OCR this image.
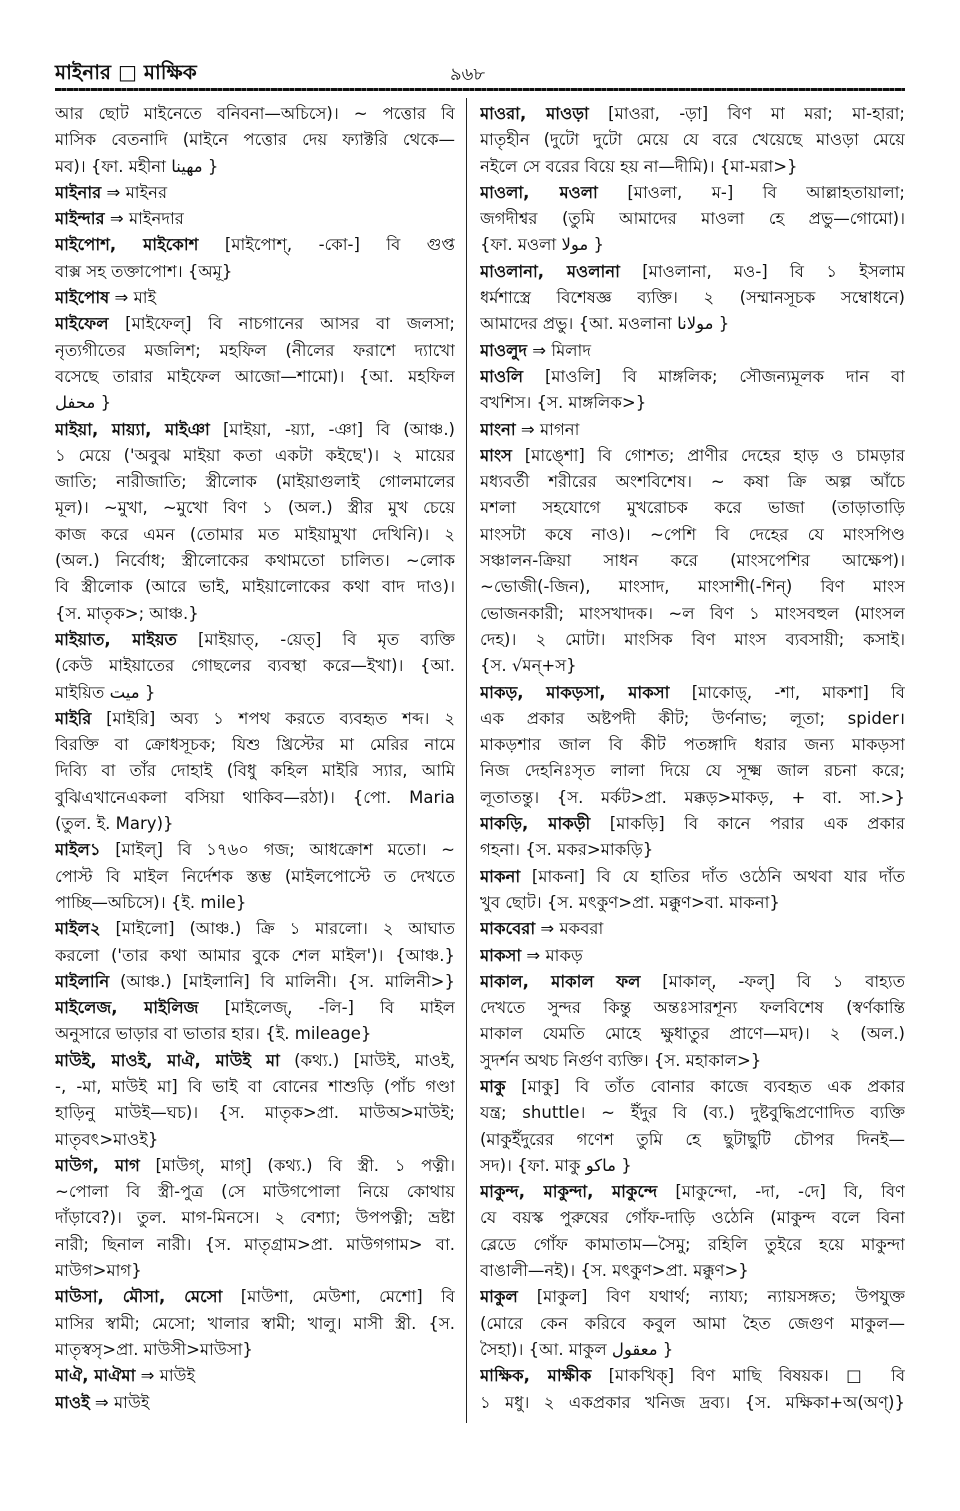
মাইনার □ মাক্ষিক	৯৬৮
আর ছোট মাইনেতে বনিবনা—অচিসে)। ~ পত্তোর বি
মাসিক বেতনাদি (মাইনে পত্তোর দেয় ফ্যাক্টরি থেকে—
মব)। {ফা. মহীনা مهينا }
মাইনার ⇒ মাইনর
মাইন্দার ⇒ মাইনদার
মাইপোশ, মাইকোশ [মাইপোশ্, -কো-] বি গুপ্ত
বাক্স সহ তক্তাপোশ। {অমূ}
মাইপোষ ⇒ মাই
মাইফেল [মাইফেল্] বি নাচগানের আসর বা জলসা;
নৃত্যগীতের মজলিশ; মহফিল (নীলের ফরাশে দ্যাখো
বসেছে তারার মাইফেল আজো—শামো)। {আ. মহফিল
محفل }
মাইয়া, মায়্যা, মাইঞা [মাইয়া, -য়্যা, -ঞা] বি (আঞ্চ.)
১ মেয়ে ('অবুঝ মাইয়া কতা একটা কইছে')। ২ মায়ের
জাতি; নারীজাতি; স্ত্রীলোক (মাইয়াগুলাই গোলমালের
মূল)। ~মুখা, ~মুখো বিণ ১ (অল.) স্ত্রীর মুখ চেয়ে
কাজ করে এমন (তোমার মত মাইয়ামুখা দেখিনি)। ২
(অল.) নির্বোধ; স্ত্রীলোকের কথামতো চালিত। ~লোক
বি স্ত্রীলোক (আরে ভাই, মাইয়ালোকের কথা বাদ দাও)।
{স. মাতৃক>; আঞ্চ.}
মাইয়াত, মাইয়ত [মাইয়াত্, -য়েত্] বি মৃত ব্যক্তি
(কেউ মাইয়াতের গোছলের ব্যবস্থা করে—ইখা)। {আ.
মাইয়িত ميت }
মাইরি [মাইরি] অব্য ১ শপথ করতে ব্যবহৃত শব্দ। ২
বিরক্তি বা ক্রোধসূচক; যিশু খ্রিস্টের মা মেরির নামে
দিব্যি বা তাঁর দোহাই (বিধু কহিল মাইরি স্যার, আমি
বুঝিএখানেএকলা বসিয়া থাকিব—রঠা)। {পো. Maria
(তুল. ই. Mary)}
মাইল১ [মাইল্] বি ১৭৬০ গজ; আধক্রোশ মতো। ~
পোস্ট বি মাইল নির্দেশক স্তম্ভ (মাইলপোস্টে ত দেখতে
পাচ্ছি—অচিসে)। {ই. mile}
মাইল২ [মাইলো] (আঞ্চ.) ক্রি ১ মারলো। ২ আঘাত
করলো ('তার কথা আমার বুকে শেল মাইল')। {আঞ্চ.}
মাইলানি (আঞ্চ.) [মাইলানি] বি মালিনী। {স. মালিনী>}
মাইলেজ, মাইলিজ [মাইলেজ্, -লি-] বি মাইল
অনুসারে ভাড়ার বা ভাতার হার। {ই. mileage}
মাউই, মাওই, মাঐ, মাউই মা (কথ্য.) [মাউই, মাওই,
-, -মা, মাউই মা] বি ভাই বা বোনের শাশুড়ি (পাঁচ গণ্ডা
হাড়িনু মাউই—ঘচ)। {স. মাতৃক>প্রা. মাউঅ>মাউই;
মাতৃবৎ>মাওই}
মাউগ, মাগ [মাউগ্, মাগ্] (কথ্য.) বি স্ত্রী. ১ পত্নী।
~পোলা বি স্ত্রী-পুত্র (সে মাউগপোলা নিয়ে কোথায়
দাঁড়াবে?)। তুল. মাগ-মিনসে। ২ বেশ্যা; উপপত্নী; ভ্রষ্টা
নারী; ছিনাল নারী। {স. মাতৃগ্রাম>প্রা. মাউগগাম> বা.
মাউগ>মাগ}
মাউসা, মৌসা, মেসো [মাউশা, মেউশা, মেশো] বি
মাসির স্বামী; মেসো; খালার স্বামী; খালু। মাসী স্ত্রী. {স.
মাতৃস্বসৃ>প্রা. মাউসী>মাউসা}
মাঐ, মাঐমা ⇒ মাউই
মাওই ⇒ মাউই
মাওরা, মাওড়া [মাওরা, -ড়া] বিণ মা মরা; মা-হারা;
মাতৃহীন (দুটো দুটো মেয়ে যে বরে খেয়েছে মাওড়া মেয়ে
নইলে সে বরের বিয়ে হয় না—দীমি)। {মা-মরা>}
মাওলা, মওলা [মাওলা, ম-] বি আল্লাহতায়ালা;
জগদীশ্বর (তুমি আমাদের মাওলা হে প্রভু—গোমো)।
{ফা. মওলা مولا }
মাওলানা, মওলানা [মাওলানা, মও-] বি ১ ইসলাম
ধর্মশাস্ত্রে বিশেষজ্ঞ ব্যক্তি। ২ (সম্মানসূচক সম্বোধনে)
আমাদের প্রভু। {আ. মওলানা مولانا }
মাওলুদ ⇒ মিলাদ
মাওলি [মাওলি] বি মাঙ্গলিক; সৌজন্যমূলক দান বা
বখশিস। {স. মাঙ্গলিক>}
মাংনা ⇒ মাগনা
মাংস [মাঙ্শো] বি গোশত; প্রাণীর দেহের হাড় ও চামড়ার
মধ্যবর্তী শরীরের অংশবিশেষ। ~ কষা ক্রি অল্প আঁচে
মশলা সহযোগে মুখরোচক করে ভাজা (তাড়াতাড়ি
মাংসটা কষে নাও)। ~পেশি বি দেহের যে মাংসপিণ্ড
সঞ্চালন-ক্রিয়া সাধন করে (মাংসপেশির আক্ষেপ)।
~ভোজী(-জিন), মাংসাদ, মাংসাশী(-শিন্) বিণ মাংস
ভোজনকারী; মাংসখাদক। ~ল বিণ ১ মাংসবহুল (মাংসল
দেহ)। ২ মোটা। মাংসিক বিণ মাংস ব্যবসায়ী; কসাই।
{স. √মন্+স}
মাকড়, মাকড়সা, মাকসা [মাকোড়্, -শা, মাকশা] বি
এক প্রকার অষ্টপদী কীট; উর্ণনাভ; লূতা; spider।
মাকড়শার জাল বি কীট পতঙ্গাদি ধরার জন্য মাকড়সা
নিজ দেহনিঃসৃত লালা দিয়ে যে সূক্ষ্ম জাল রচনা করে;
লূতাতন্তু। {স. মর্কট>প্রা. মক্কড়>মাকড়, + বা. সা.>}
মাকড়ি, মাকড়ী [মাকড়ি] বি কানে পরার এক প্রকার
গহনা। {স. মকর>মাকড়ি}
মাকনা [মাকনা] বি যে হাতির দাঁত ওঠেনি অথবা যার দাঁত
খুব ছোট। {স. মৎকুণ>প্রা. মক্কুণ>বা. মাকনা}
মাকবেরা ⇒ মকবরা
মাকসা ⇒ মাকড়
মাকাল, মাকাল ফল [মাকাল্, -ফল্] বি ১ বাহ্যত
দেখতে সুন্দর কিন্তু অন্তঃসারশূন্য ফলবিশেষ (স্বর্ণকান্তি
মাকাল যেমতি মোহে ক্ষুধাতুর প্রাণে—মদ)। ২ (অল.)
সুদর্শন অথচ নির্গুণ ব্যক্তি। {স. মহাকাল>}
মাকু [মাকু] বি তাঁত বোনার কাজে ব্যবহৃত এক প্রকার
যন্ত্র; shuttle। ~ ইঁদুর বি (ব্য.) দুষ্টবুদ্ধিপ্রণোদিত ব্যক্তি
(মাকুইঁদুরের গণেশ তুমি হে ছুটাছুটি চৌপর দিনই—
সদ)। {ফা. মাকু ماكو }
মাকুন্দ, মাকুন্দা, মাকুন্দে [মাকুন্দো, -দা, -দে] বি, বিণ
যে বয়স্ক পুরুষের গোঁফ-দাড়ি ওঠেনি (মাকুন্দ বলে বিনা
ব্লেডে গোঁফ কামাতাম—সৈমু; রহিলি তুইরে হয়ে মাকুন্দা
বাঙালী—নই)। {স. মৎকুণ>প্রা. মক্কুণ>}
মাকুল [মাকুল] বিণ যথার্থ; ন্যায্য; ন্যায়সঙ্গত; উপযুক্ত
(মোরে কেন করিবে কবুল আমা হৈত জেগুণ মাকুল—
সৈহা)। {আ. মাকুল معقول }
মাক্ষিক, মাক্ষীক [মাকখিক্] বিণ মাছি বিষয়ক। □ বি
১ মধু। ২ একপ্রকার খনিজ দ্রব্য। {স. মক্ষিকা+অ(অণ্)}
